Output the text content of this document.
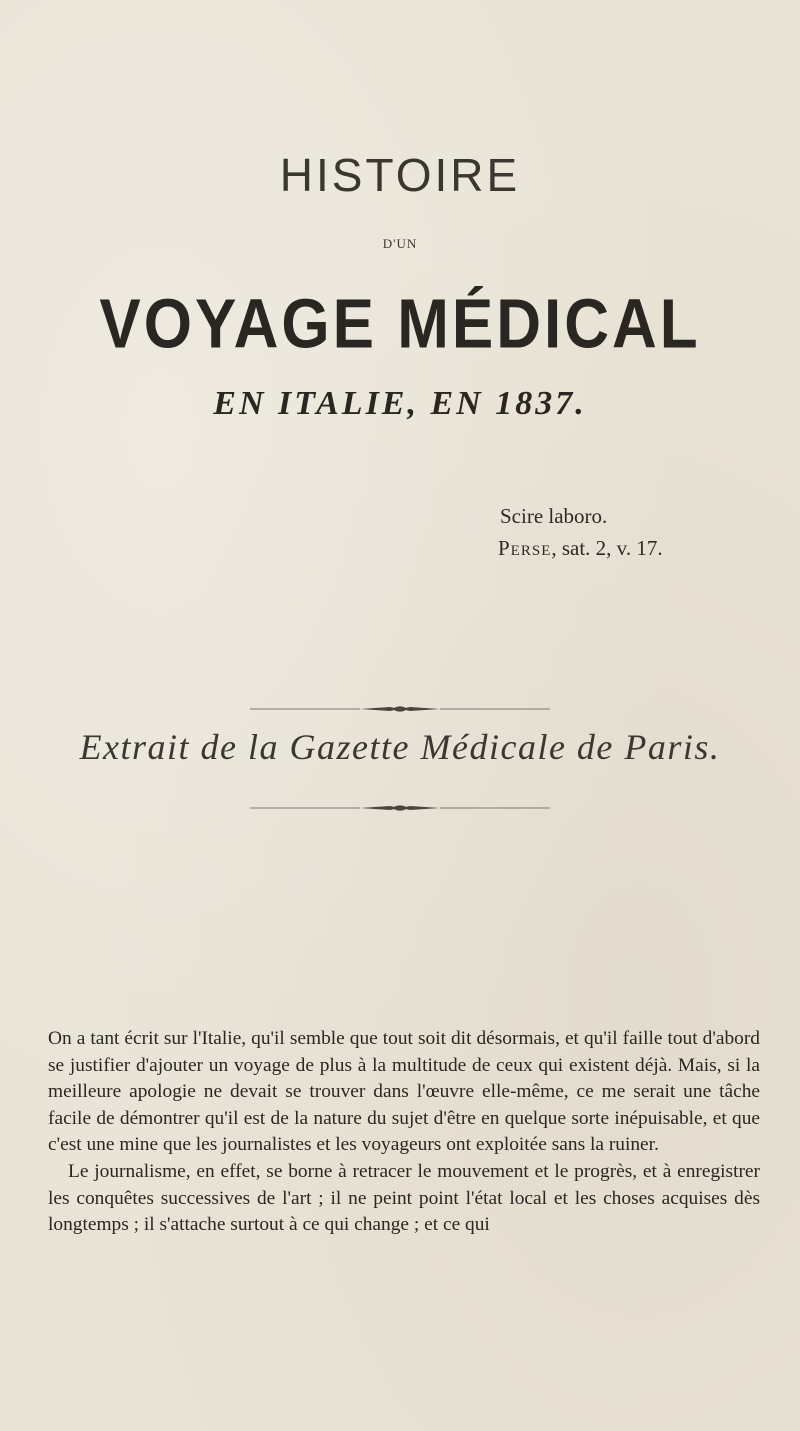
HISTOIRE
D'UN
VOYAGE MÉDICAL
EN ITALIE, EN 1837.
Scire laboro.
Perse, sat. 2, v. 17.
Extrait de la Gazette Médicale de Paris.

On a tant écrit sur l'Italie, qu'il semble que tout soit dit désormais, et qu'il faille tout d'abord se justifier d'ajouter un voyage de plus à la multitude de ceux qui existent déjà. Mais, si la meilleure apologie ne devait se trouver dans l'œuvre elle-même, ce me serait une tâche facile de démontrer qu'il est de la nature du sujet d'être en quelque sorte inépuisable, et que c'est une mine que les journalistes et les voyageurs ont exploitée sans la ruiner.

Le journalisme, en effet, se borne à retracer le mouvement et le progrès, et à enregistrer les conquêtes successives de l'art ; il ne peint point l'état local et les choses acquises dès longtemps ; il s'attache surtout à ce qui change ; et ce qui
